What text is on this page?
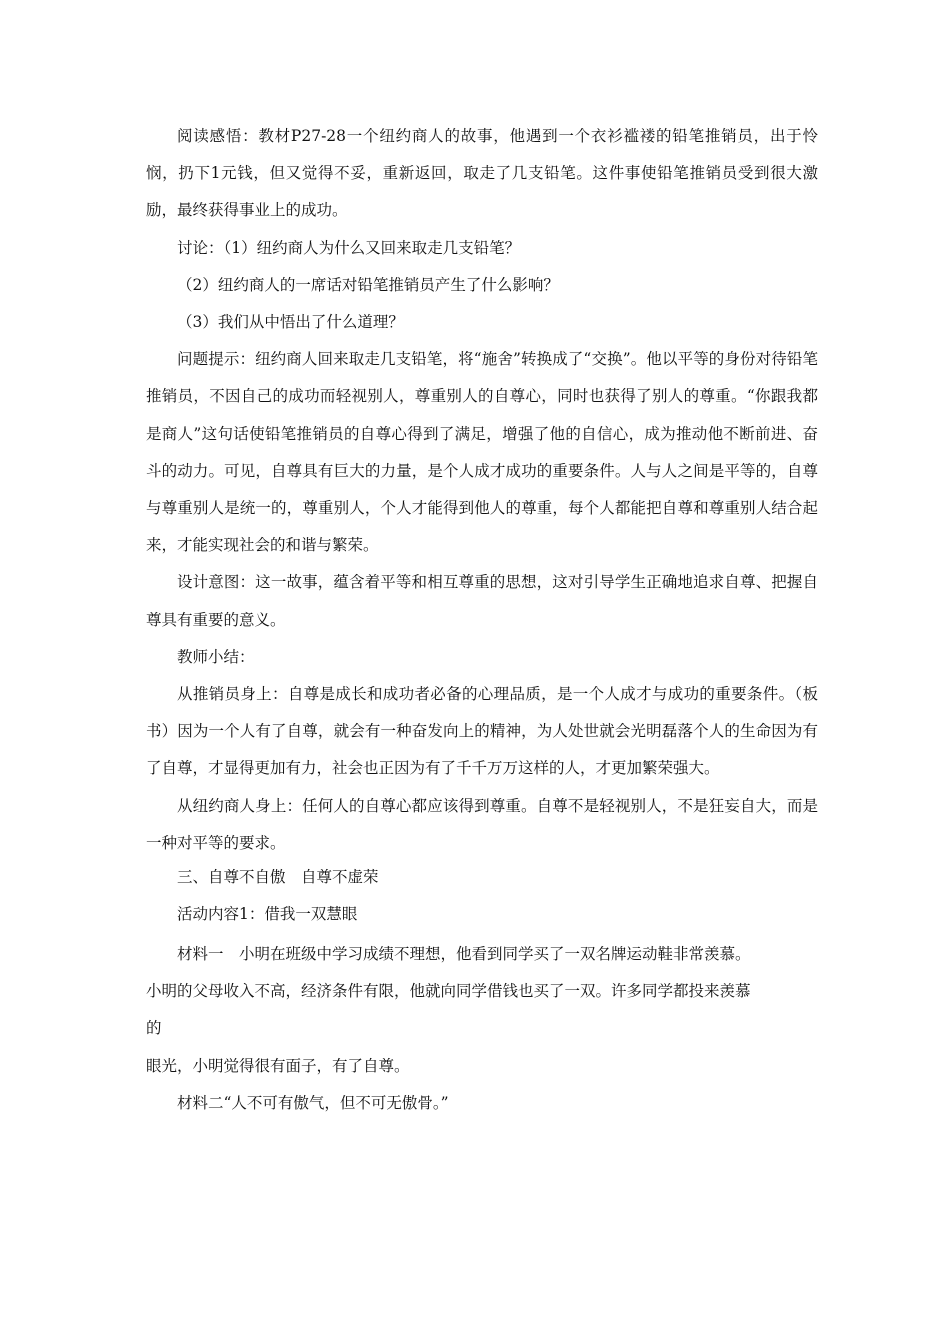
阅读感悟：教材P27-28一个纽约商人的故事，他遇到一个衣衫褴褛的铅笔推销员，出于怜悯，扔下1元钱，但又觉得不妥，重新返回，取走了几支铅笔。这件事使铅笔推销员受到很大激励，最终获得事业上的成功。

讨论：（1）纽约商人为什么又回来取走几支铅笔？

（2）纽约商人的一席话对铅笔推销员产生了什么影响？

（3）我们从中悟出了什么道理？

问题提示：纽约商人回来取走几支铅笔，将“施舍”转换成了“交换”。他以平等的身份对待铅笔推销员，不因自己的成功而轻视别人，尊重别人的自尊心，同时也获得了别人的尊重。“你跟我都是商人”这句话使铅笔推销员的自尊心得到了满足，增强了他的自信心，成为推动他不断前进、奋斗的动力。可见，自尊具有巨大的力量，是个人成才成功的重要条件。人与人之间是平等的，自尊与尊重别人是统一的，尊重别人，个人才能得到他人的尊重，每个人都能把自尊和尊重别人结合起来，才能实现社会的和谐与繁荣。

设计意图：这一故事，蕴含着平等和相互尊重的思想，这对引导学生正确地追求自尊、把握自尊具有重要的意义。

教师小结：

从推销员身上：自尊是成长和成功者必备的心理品质，是一个人成才与成功的重要条件。（板书）因为一个人有了自尊，就会有一种奋发向上的精神，为人处世就会光明磊落个人的生命因为有了自尊，才显得更加有力，社会也正因为有了千千万万这样的人，才更加繁荣强大。

从纽约商人身上：任何人的自尊心都应该得到尊重。自尊不是轻视别人，不是狂妄自大，而是一种对平等的要求。

三、自尊不自傲　自尊不虚荣

活动内容1：借我一双慧眼

材料一　小明在班级中学习成绩不理想，他看到同学买了一双名牌运动鞋非常羡慕。

小明的父母收入不高，经济条件有限，他就向同学借钱也买了一双。许多同学都投来羡慕

的

眼光，小明觉得很有面子，有了自尊。

材料二“人不可有傲气，但不可无傲骨。”
